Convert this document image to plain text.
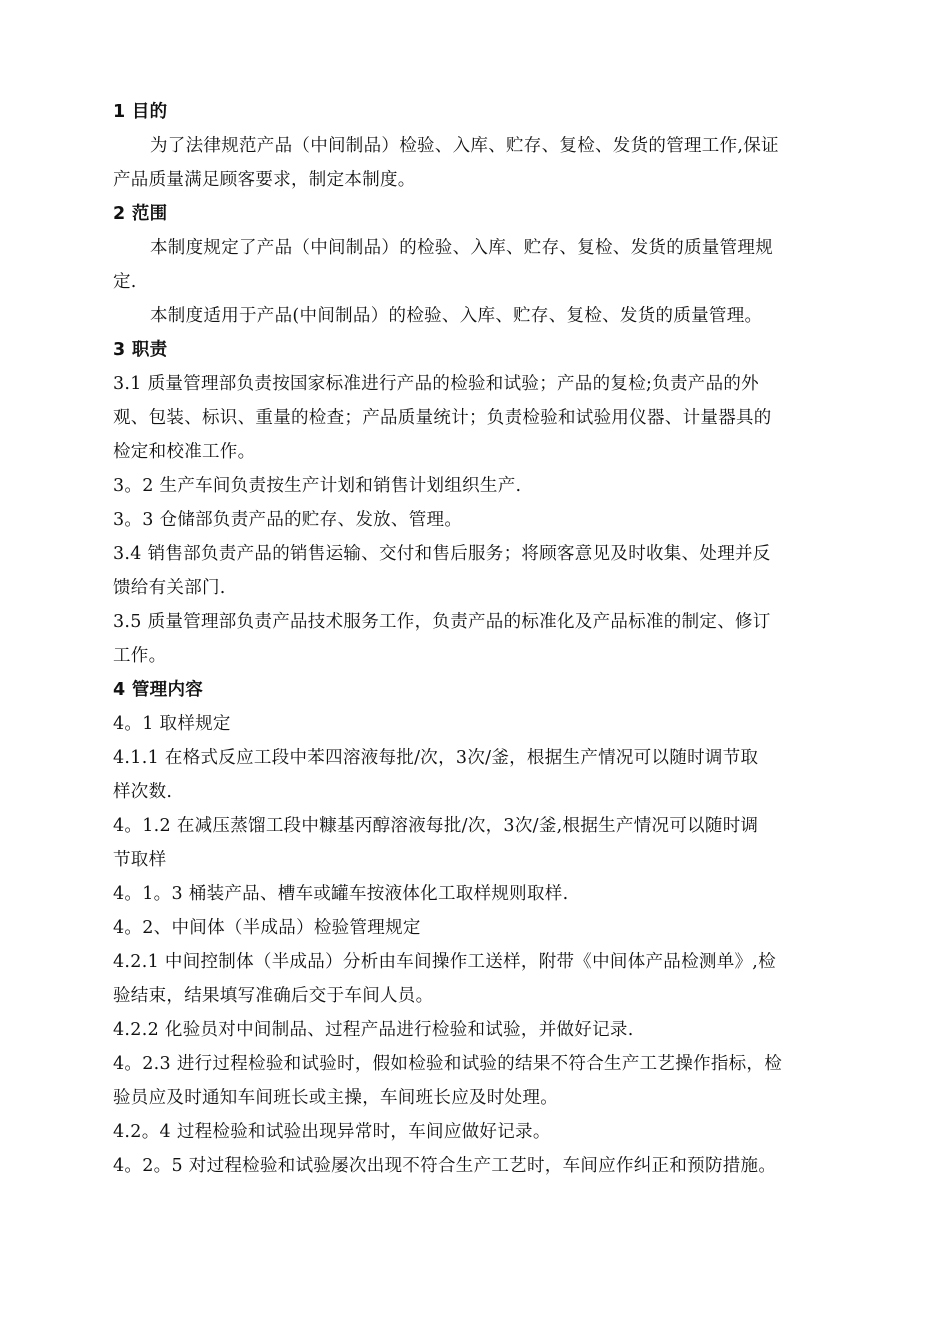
1 目的
为了法律规范产品（中间制品）检验、入库、贮存、复检、发货的管理工作,保证
产品质量满足顾客要求，制定本制度。
2 范围
本制度规定了产品（中间制品）的检验、入库、贮存、复检、发货的质量管理规
定.
本制度适用于产品(中间制品）的检验、入库、贮存、复检、发货的质量管理。
3 职责
3.1 质量管理部负责按国家标准进行产品的检验和试验；产品的复检;负责产品的外
观、包装、标识、重量的检查；产品质量统计；负责检验和试验用仪器、计量器具的
检定和校准工作。
3。2 生产车间负责按生产计划和销售计划组织生产.
3。3 仓储部负责产品的贮存、发放、管理。
3.4 销售部负责产品的销售运输、交付和售后服务；将顾客意见及时收集、处理并反
馈给有关部门.
3.5 质量管理部负责产品技术服务工作，负责产品的标准化及产品标准的制定、修订
工作。
4 管理内容
4。1 取样规定
4.1.1 在格式反应工段中苯四溶液每批/次，3次/釜，根据生产情况可以随时调节取
样次数.
4。1.2 在减压蒸馏工段中糠基丙醇溶液每批/次，3次/釜,根据生产情况可以随时调
节取样
4。1。3 桶装产品、槽车或罐车按液体化工取样规则取样.
4。2、中间体（半成品）检验管理规定
4.2.1 中间控制体（半成品）分析由车间操作工送样，附带《中间体产品检测单》,检
验结束，结果填写准确后交于车间人员。
4.2.2 化验员对中间制品、过程产品进行检验和试验，并做好记录.
4。2.3 进行过程检验和试验时，假如检验和试验的结果不符合生产工艺操作指标，检
验员应及时通知车间班长或主操，车间班长应及时处理。
4.2。4 过程检验和试验出现异常时，车间应做好记录。
4。2。5 对过程检验和试验屡次出现不符合生产工艺时，车间应作纠正和预防措施。
